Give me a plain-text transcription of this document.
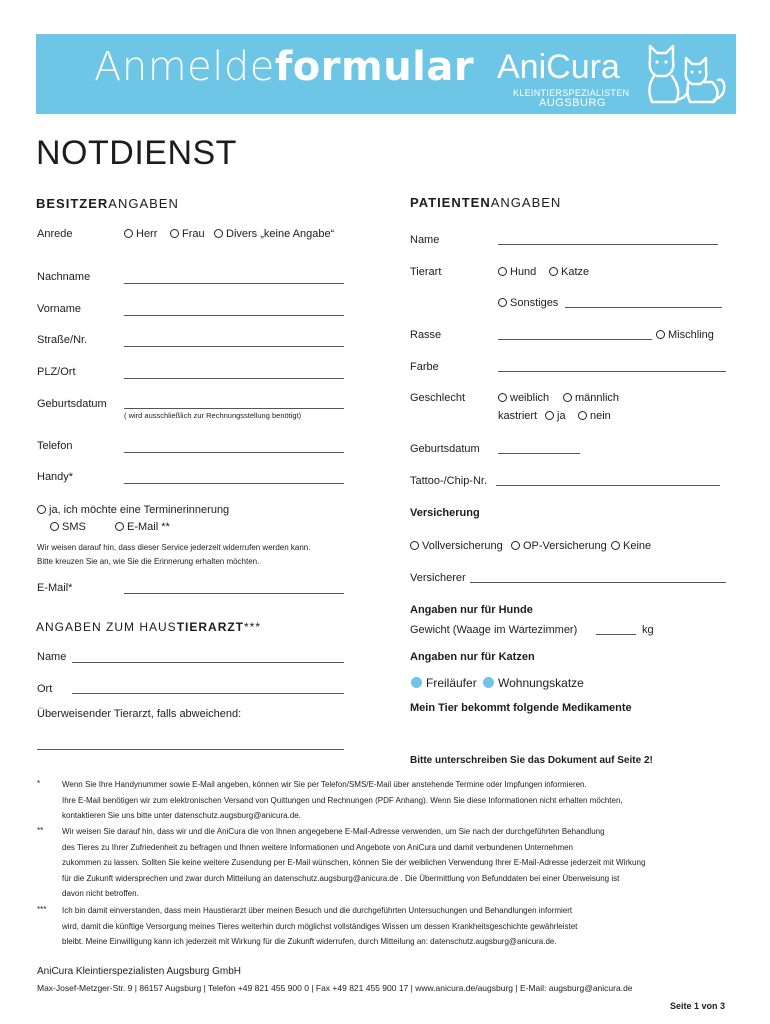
Anmeldeformular AniCura
KLEINTIERSPEZIALISTEN
AUGSBURG
NOTDIENST
BESITZERANGABEN
Anrede	Herr	Frau	Divers „keine Angabe“
Nachname
Vorname
Straße/Nr.
PLZ/Ort
Geburtsdatum
( wird ausschließlich zur Rechnungsstellung benötigt)
Telefon
Handy*
ja, ich möchte eine Terminerinnerung
SMS	E-Mail **
Wir weisen darauf hin, dass dieser Service jederzeit widerrufen werden kann.
Bitte kreuzen Sie an, wie Sie die Erinnerung erhalten möchten.
E-Mail*
ANGABEN ZUM HAUSTIERARZT***
Name
Ort
Überweisender Tierarzt, falls abweichend:
PATIENTENANGABEN
Name
Tierart	Hund	Katze
Sonstiges
Rasse	Mischling
Farbe
Geschlecht	weiblich	männlich
kastriert	ja	nein
Geburtsdatum
Tattoo-/Chip-Nr.
Versicherung
Vollversicherung	OP-Versicherung	Keine
Versicherer
Angaben nur für Hunde
Gewicht (Waage im Wartezimmer)	kg
Angaben nur für Katzen
Freiläufer	Wohnungskatze
Mein Tier bekommt folgende Medikamente
Bitte unterschreiben Sie das Dokument auf Seite 2!
*	Wenn Sie Ihre Handynummer sowie E-Mail angeben, können wir Sie per Telefon/SMS/E-Mail über anstehende Termine oder Impfungen informieren.
Ihre E-Mail benötigen wir zum elektronischen Versand von Quittungen und Rechnungen (PDF Anhang). Wenn Sie diese Informationen nicht erhalten möchten,
kontaktieren Sie uns bitte unter datenschutz.augsburg@anicura.de.
** Wir weisen Sie darauf hin, dass wir und die AniCura die von Ihnen angegebene E-Mail-Adresse verwenden, um Sie nach der durchgeführten Behandlung
des Tieres zu Ihrer Zufriedenheit zu befragen und Ihnen weitere Informationen und Angebote von AniCura und damit verbundenen Unternehmen
zukommen zu lassen. Sollten Sie keine weitere Zusendung per E-Mail wünschen, können Sie der weiblichen Verwendung Ihrer E-Mail-Adresse jederzeit mit Wirkung
für die Zukunft widersprechen und zwar durch Mitteilung an datenschutz.augsburg@anicura.de . Die Übermittlung von Befunddaten bei einer Überweisung ist
davon nicht betroffen.
*** Ich bin damit einverstanden, dass mein Haustierarzt über meinen Besuch und die durchgeführten Untersuchungen und Behandlungen informiert
wird, damit die künftige Versorgung meines Tieres weiterhin durch möglichst vollständiges Wissen um dessen Krankheitsgeschichte gewährleistet
bleibt. Meine Einwilligung kann ich jederzeit mit Wirkung für die Zukunft widerrufen, durch Mitteilung an: datenschutz.augsburg@anicura.de.
AniCura Kleintierspezialisten Augsburg GmbH
Max-Josef-Metzger-Str. 9 | 86157 Augsburg | Telefon +49 821 455 900 0 | Fax +49 821 455 900 17 | www.anicura.de/augsburg | E-Mail: augsburg@anicura.de
Seite 1 von 3
